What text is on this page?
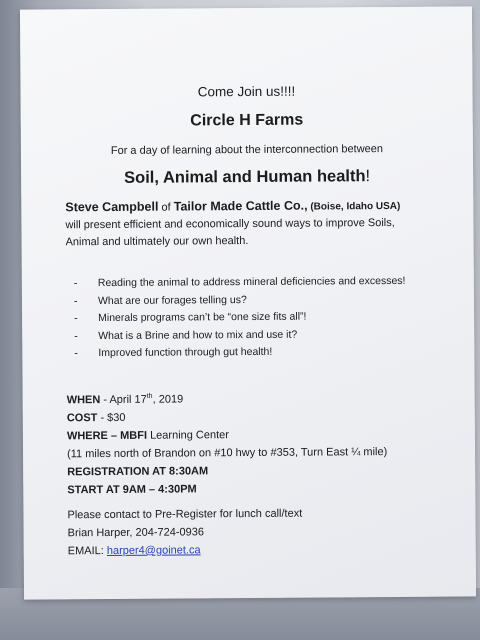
Come Join us!!!!
Circle H Farms
For a day of learning about the interconnection between
Soil, Animal and Human health!
Steve Campbell of Tailor Made Cattle Co., (Boise, Idaho USA)
will present efficient and economically sound ways to improve Soils,
Animal and ultimately our own health.
- Reading the animal to address mineral deficiencies and excesses!
- What are our forages telling us?
- Minerals programs can’t be “one size fits all”!
- What is a Brine and how to mix and use it?
- Improved function through gut health!
WHEN - April 17th, 2019
COST - $30
WHERE – MBFI Learning Center
(11 miles north of Brandon on #10 hwy to #353, Turn East ¼ mile)
REGISTRATION AT 8:30AM
START AT 9AM – 4:30PM
Please contact to Pre-Register for lunch call/text
Brian Harper, 204-724-0936
EMAIL: harper4@goinet.ca
